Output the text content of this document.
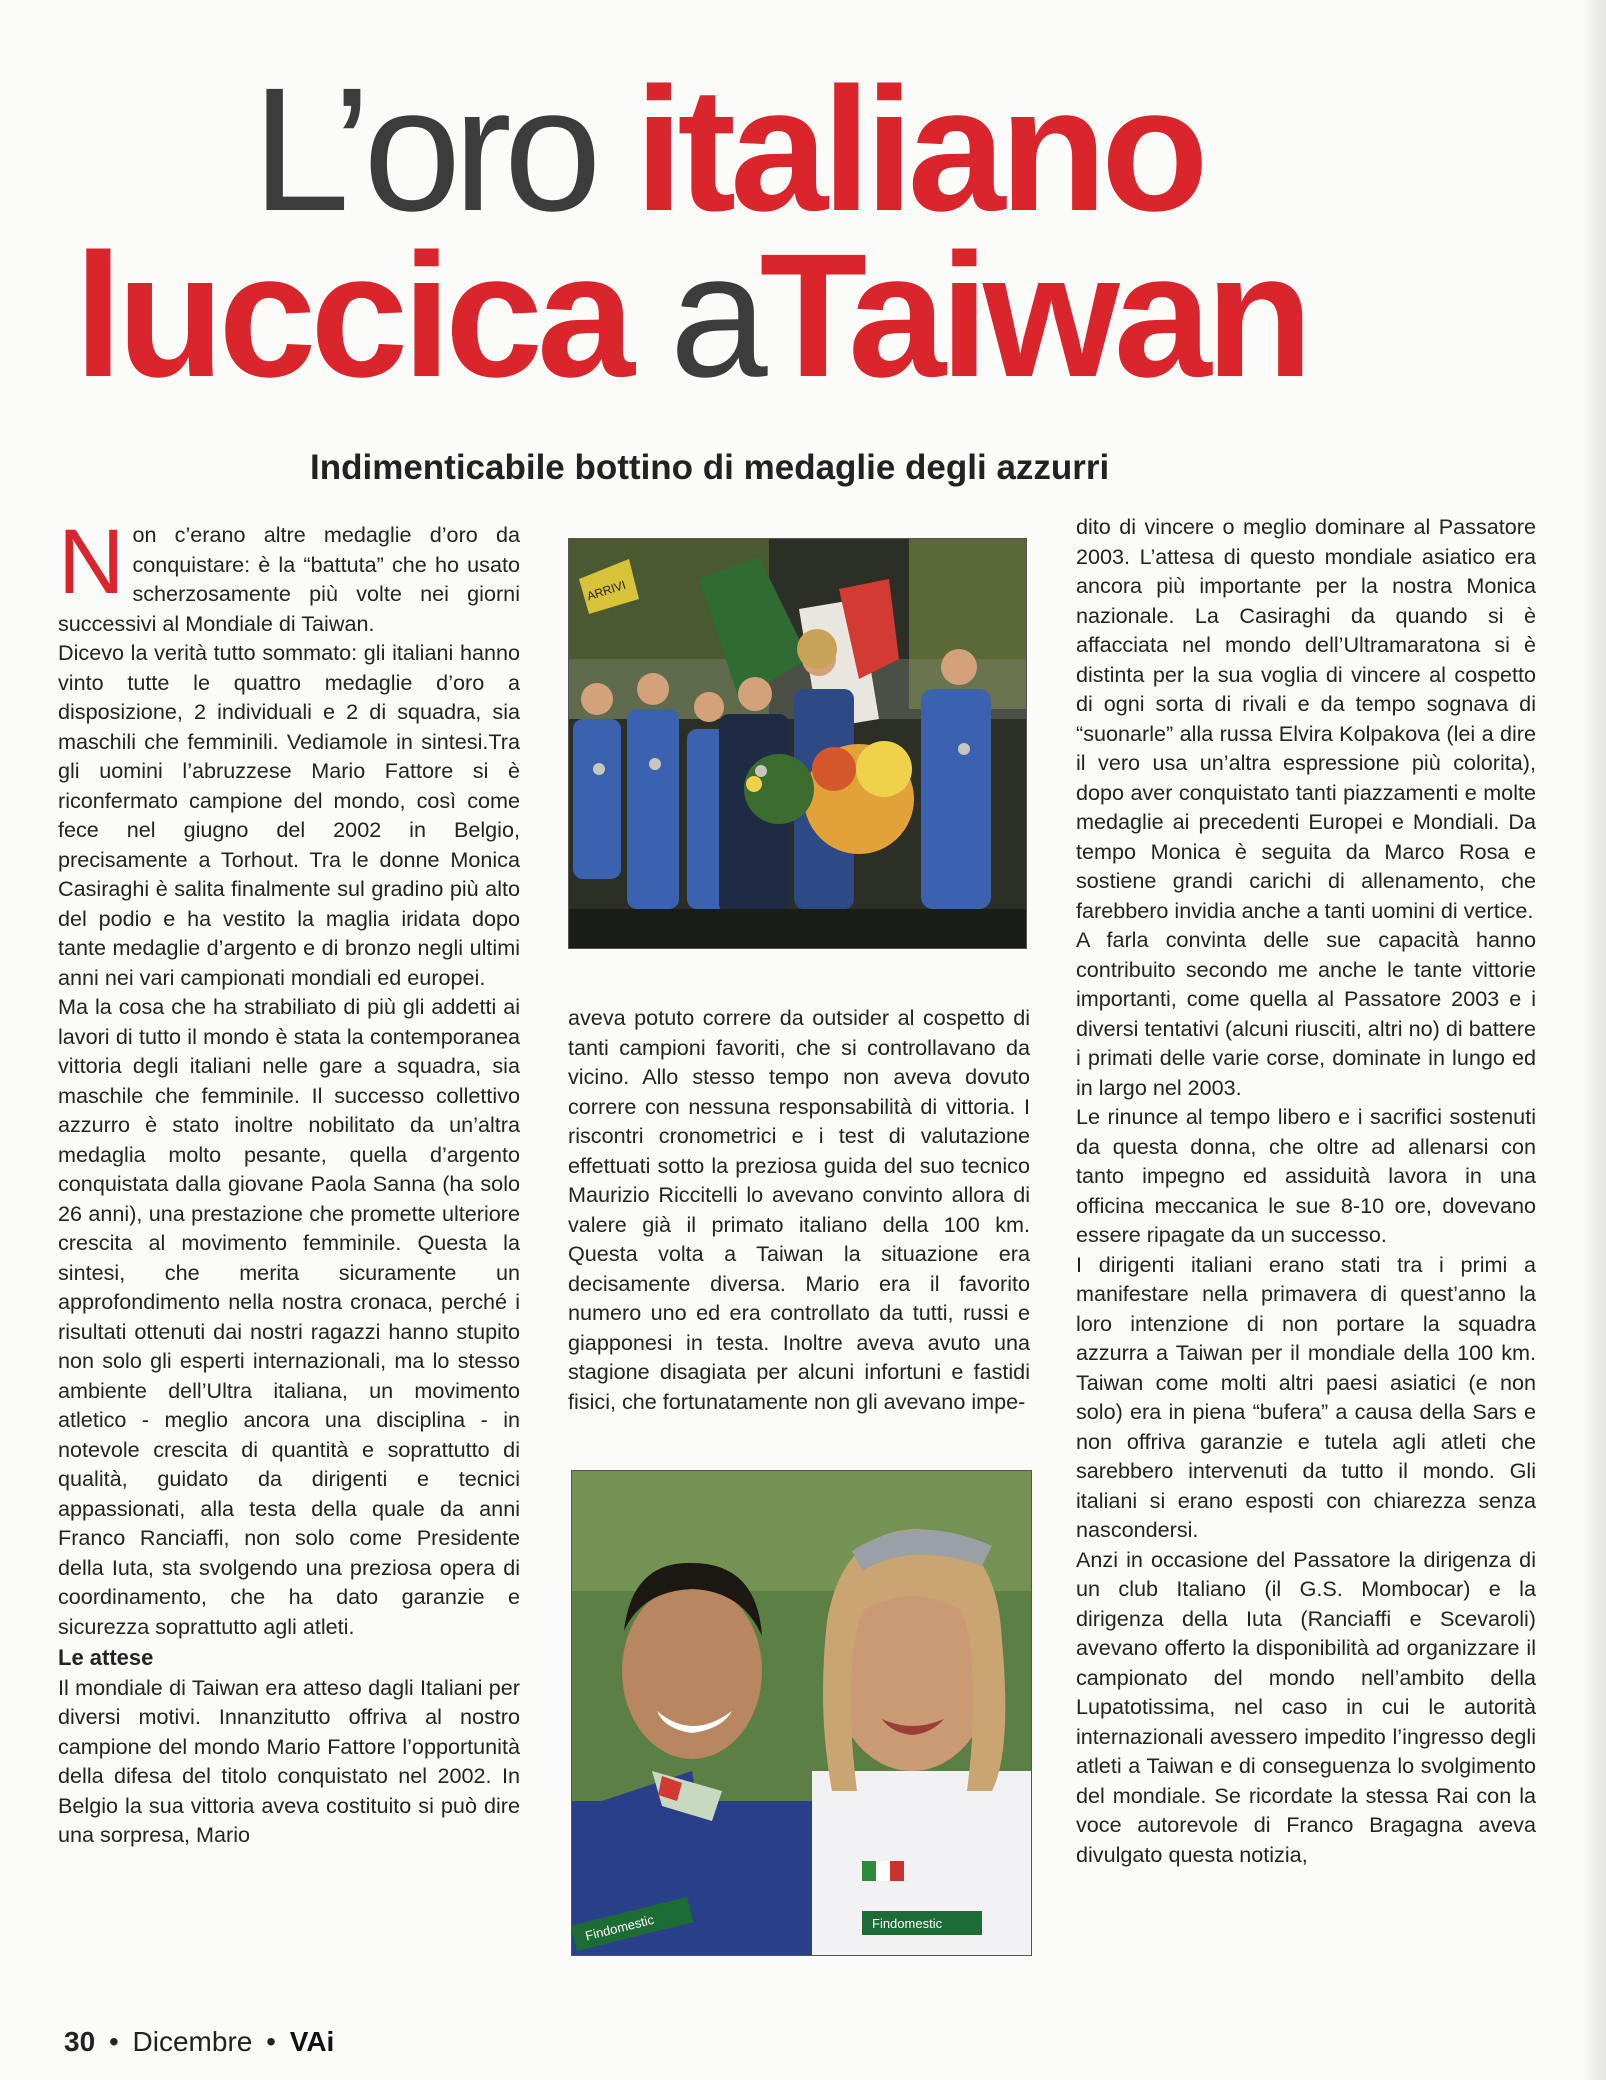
L’oro italiano
luccica aTaiwan
Indimenticabile bottino di medaglie degli azzurri

Non c’erano altre medaglie d’oro da conquistare: è la “battuta” che ho usato scherzosamente più volte nei giorni successivi al Mondiale di Taiwan.

Dicevo la verità tutto sommato: gli italiani hanno vinto tutte le quattro medaglie d’oro a disposizione, 2 individuali e 2 di squadra, sia maschili che femminili. Vediamole in sintesi.Tra gli uomini l’abruzzese Mario Fattore si è riconfermato campione del mondo, così come fece nel giugno del 2002 in Belgio, precisamente a Torhout. Tra le donne Monica Casiraghi è salita finalmente sul gradino più alto del podio e ha vestito la maglia iridata dopo tante medaglie d’argento e di bronzo negli ultimi anni nei vari campionati mondiali ed europei.

Ma la cosa che ha strabiliato di più gli addetti ai lavori di tutto il mondo è stata la contemporanea vittoria degli italiani nelle gare a squadra, sia maschile che femminile. Il successo collettivo azzurro è stato inoltre nobilitato da un’altra medaglia molto pesante, quella d’argento conquistata dalla giovane Paola Sanna (ha solo 26 anni), una prestazione che promette ulteriore crescita al movimento femminile. Questa la sintesi, che merita sicuramente un approfondimento nella nostra cronaca, perché i risultati ottenuti dai nostri ragazzi hanno stupito non solo gli esperti internazionali, ma lo stesso ambiente dell’Ultra italiana, un movimento atletico - meglio ancora una disciplina - in notevole crescita di quantità e soprattutto di qualità, guidato da dirigenti e tecnici appassionati, alla testa della quale da anni Franco Ranciaffi, non solo come Presidente della Iuta, sta svolgendo una preziosa opera di coordinamento, che ha dato garanzie e sicurezza soprattutto agli atleti.

Le attese

Il mondiale di Taiwan era atteso dagli Italiani per diversi motivi. Innanzitutto offriva al nostro campione del mondo Mario Fattore l’opportunità della difesa del titolo conquistato nel 2002. In Belgio la sua vittoria aveva costituito si può dire una sorpresa, Mario

ARRIVI

aveva potuto correre da outsider al cospetto di tanti campioni favoriti, che si controllavano da vicino. Allo stesso tempo non aveva dovuto correre con nessuna responsabilità di vittoria. I riscontri cronometrici e i test di valutazione effettuati sotto la preziosa guida del suo tecnico Maurizio Riccitelli lo avevano convinto allora di valere già il primato italiano della 100 km. Questa volta a Taiwan la situazione era decisamente diversa. Mario era il favorito numero uno ed era controllato da tutti, russi e giapponesi in testa. Inoltre aveva avuto una stagione disagiata per alcuni infortuni e fastidi fisici, che fortunatamente non gli avevano impe-

Findomestic	Findomestic

dito di vincere o meglio dominare al Passatore 2003. L’attesa di questo mondiale asiatico era ancora più importante per la nostra Monica nazionale. La Casiraghi da quando si è affacciata nel mondo dell’Ultramaratona si è distinta per la sua voglia di vincere al cospetto di ogni sorta di rivali e da tempo sognava di “suonarle” alla russa Elvira Kolpakova (lei a dire il vero usa un’altra espressione più colorita), dopo aver conquistato tanti piazzamenti e molte medaglie ai precedenti Europei e Mondiali. Da tempo Monica è seguita da Marco Rosa e sostiene grandi carichi di allenamento, che farebbero invidia anche a tanti uomini di vertice.

A farla convinta delle sue capacità hanno contribuito secondo me anche le tante vittorie importanti, come quella al Passatore 2003 e i diversi tentativi (alcuni riusciti, altri no) di battere i primati delle varie corse, dominate in lungo ed in largo nel 2003.

Le rinunce al tempo libero e i sacrifici sostenuti da questa donna, che oltre ad allenarsi con tanto impegno ed assiduità lavora in una officina meccanica le sue 8-10 ore, dovevano essere ripagate da un successo.

I dirigenti italiani erano stati tra i primi a manifestare nella primavera di quest’anno la loro intenzione di non portare la squadra azzurra a Taiwan per il mondiale della 100 km. Taiwan come molti altri paesi asiatici (e non solo) era in piena “bufera” a causa della Sars e non offriva garanzie e tutela agli atleti che sarebbero intervenuti da tutto il mondo. Gli italiani si erano esposti con chiarezza senza nascondersi.

Anzi in occasione del Passatore la dirigenza di un club Italiano (il G.S. Mombocar) e la dirigenza della Iuta (Ranciaffi e Scevaroli) avevano offerto la disponibilità ad organizzare il campionato del mondo nell’ambito della Lupatotissima, nel caso in cui le autorità internazionali avessero impedito l’ingresso degli atleti a Taiwan e di conseguenza lo svolgimento del mondiale. Se ricordate la stessa Rai con la voce autorevole di Franco Bragagna aveva divulgato questa notizia,

30 • Dicembre • VAi
